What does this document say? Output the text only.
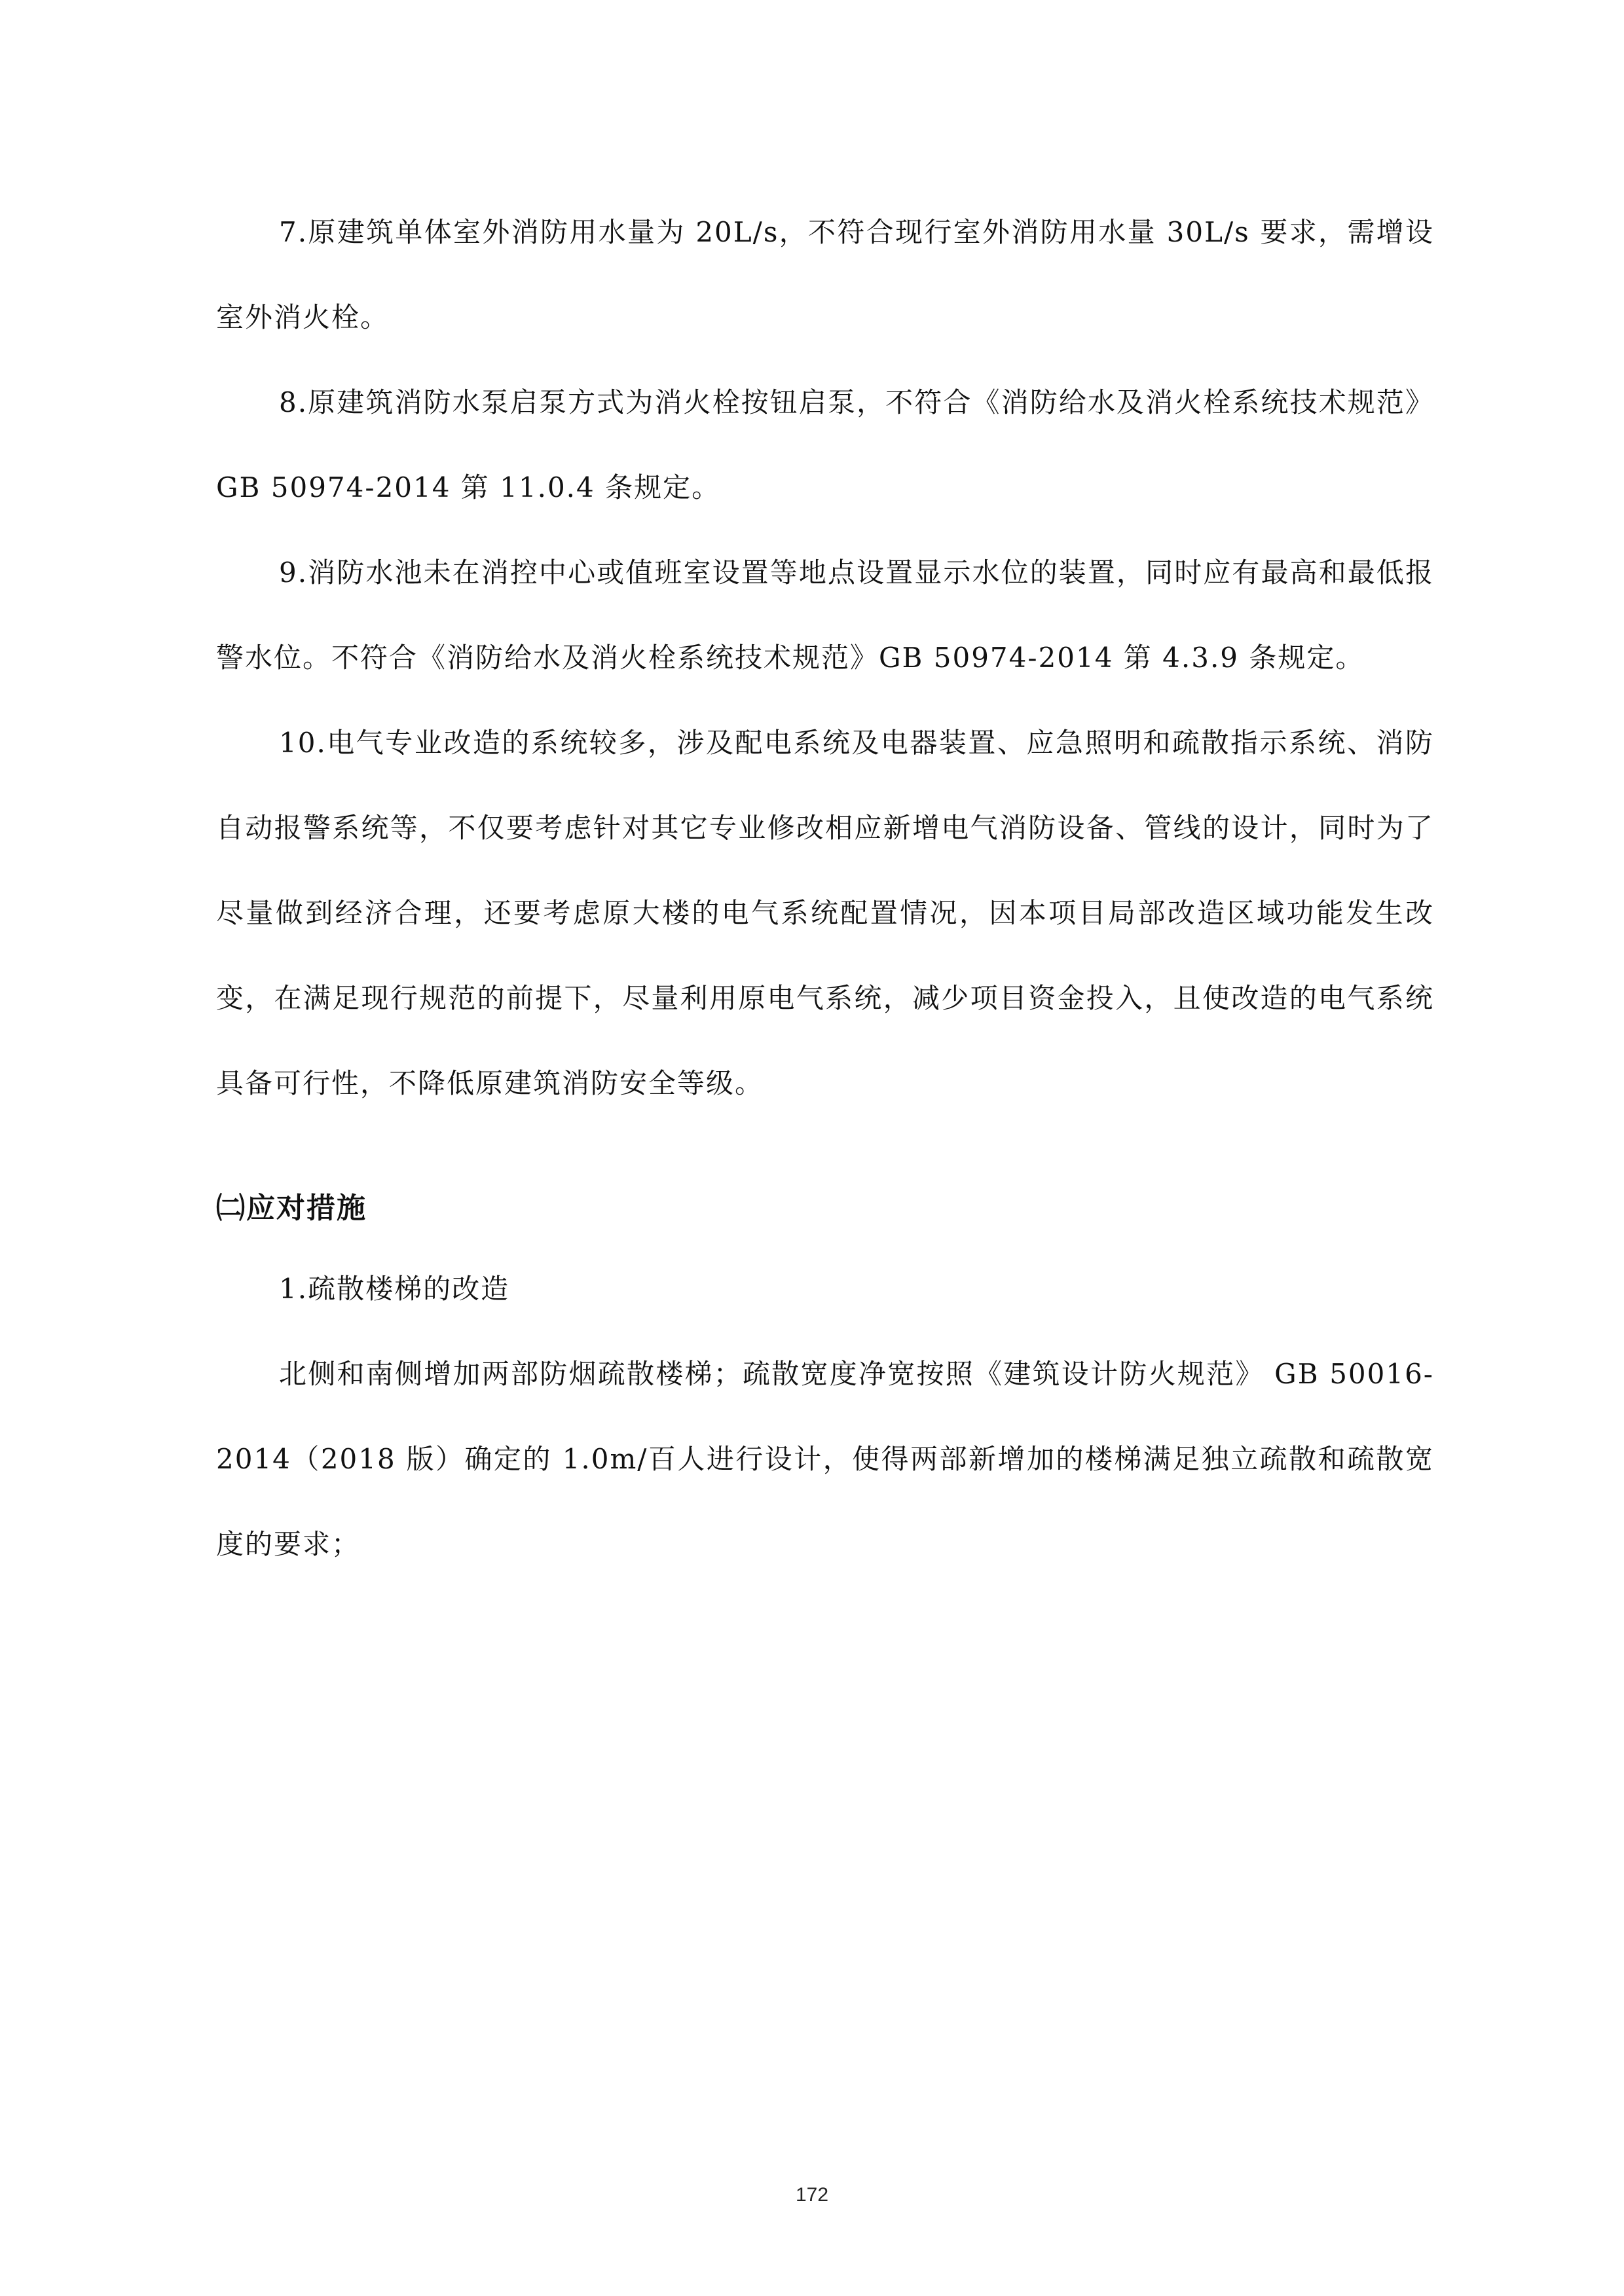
7.原建筑单体室外消防用水量为 20L/s，不符合现行室外消防用水量 30L/s 要求，需增设室外消火栓。

8.原建筑消防水泵启泵方式为消火栓按钮启泵，不符合《消防给水及消火栓系统技术规范》GB 50974-2014 第 11.0.4 条规定。

9.消防水池未在消控中心或值班室设置等地点设置显示水位的装置，同时应有最高和最低报警水位。不符合《消防给水及消火栓系统技术规范》GB 50974-2014 第 4.3.9 条规定。

10.电气专业改造的系统较多，涉及配电系统及电器装置、应急照明和疏散指示系统、消防自动报警系统等，不仅要考虑针对其它专业修改相应新增电气消防设备、管线的设计，同时为了尽量做到经济合理，还要考虑原大楼的电气系统配置情况，因本项目局部改造区域功能发生改变，在满足现行规范的前提下，尽量利用原电气系统，减少项目资金投入，且使改造的电气系统具备可行性，不降低原建筑消防安全等级。

㈡应对措施

1.疏散楼梯的改造

北侧和南侧增加两部防烟疏散楼梯；疏散宽度净宽按照《建筑设计防火规范》 GB 50016-2014（2018 版）确定的 1.0m/百人进行设计，使得两部新增加的楼梯满足独立疏散和疏散宽度的要求；

172
